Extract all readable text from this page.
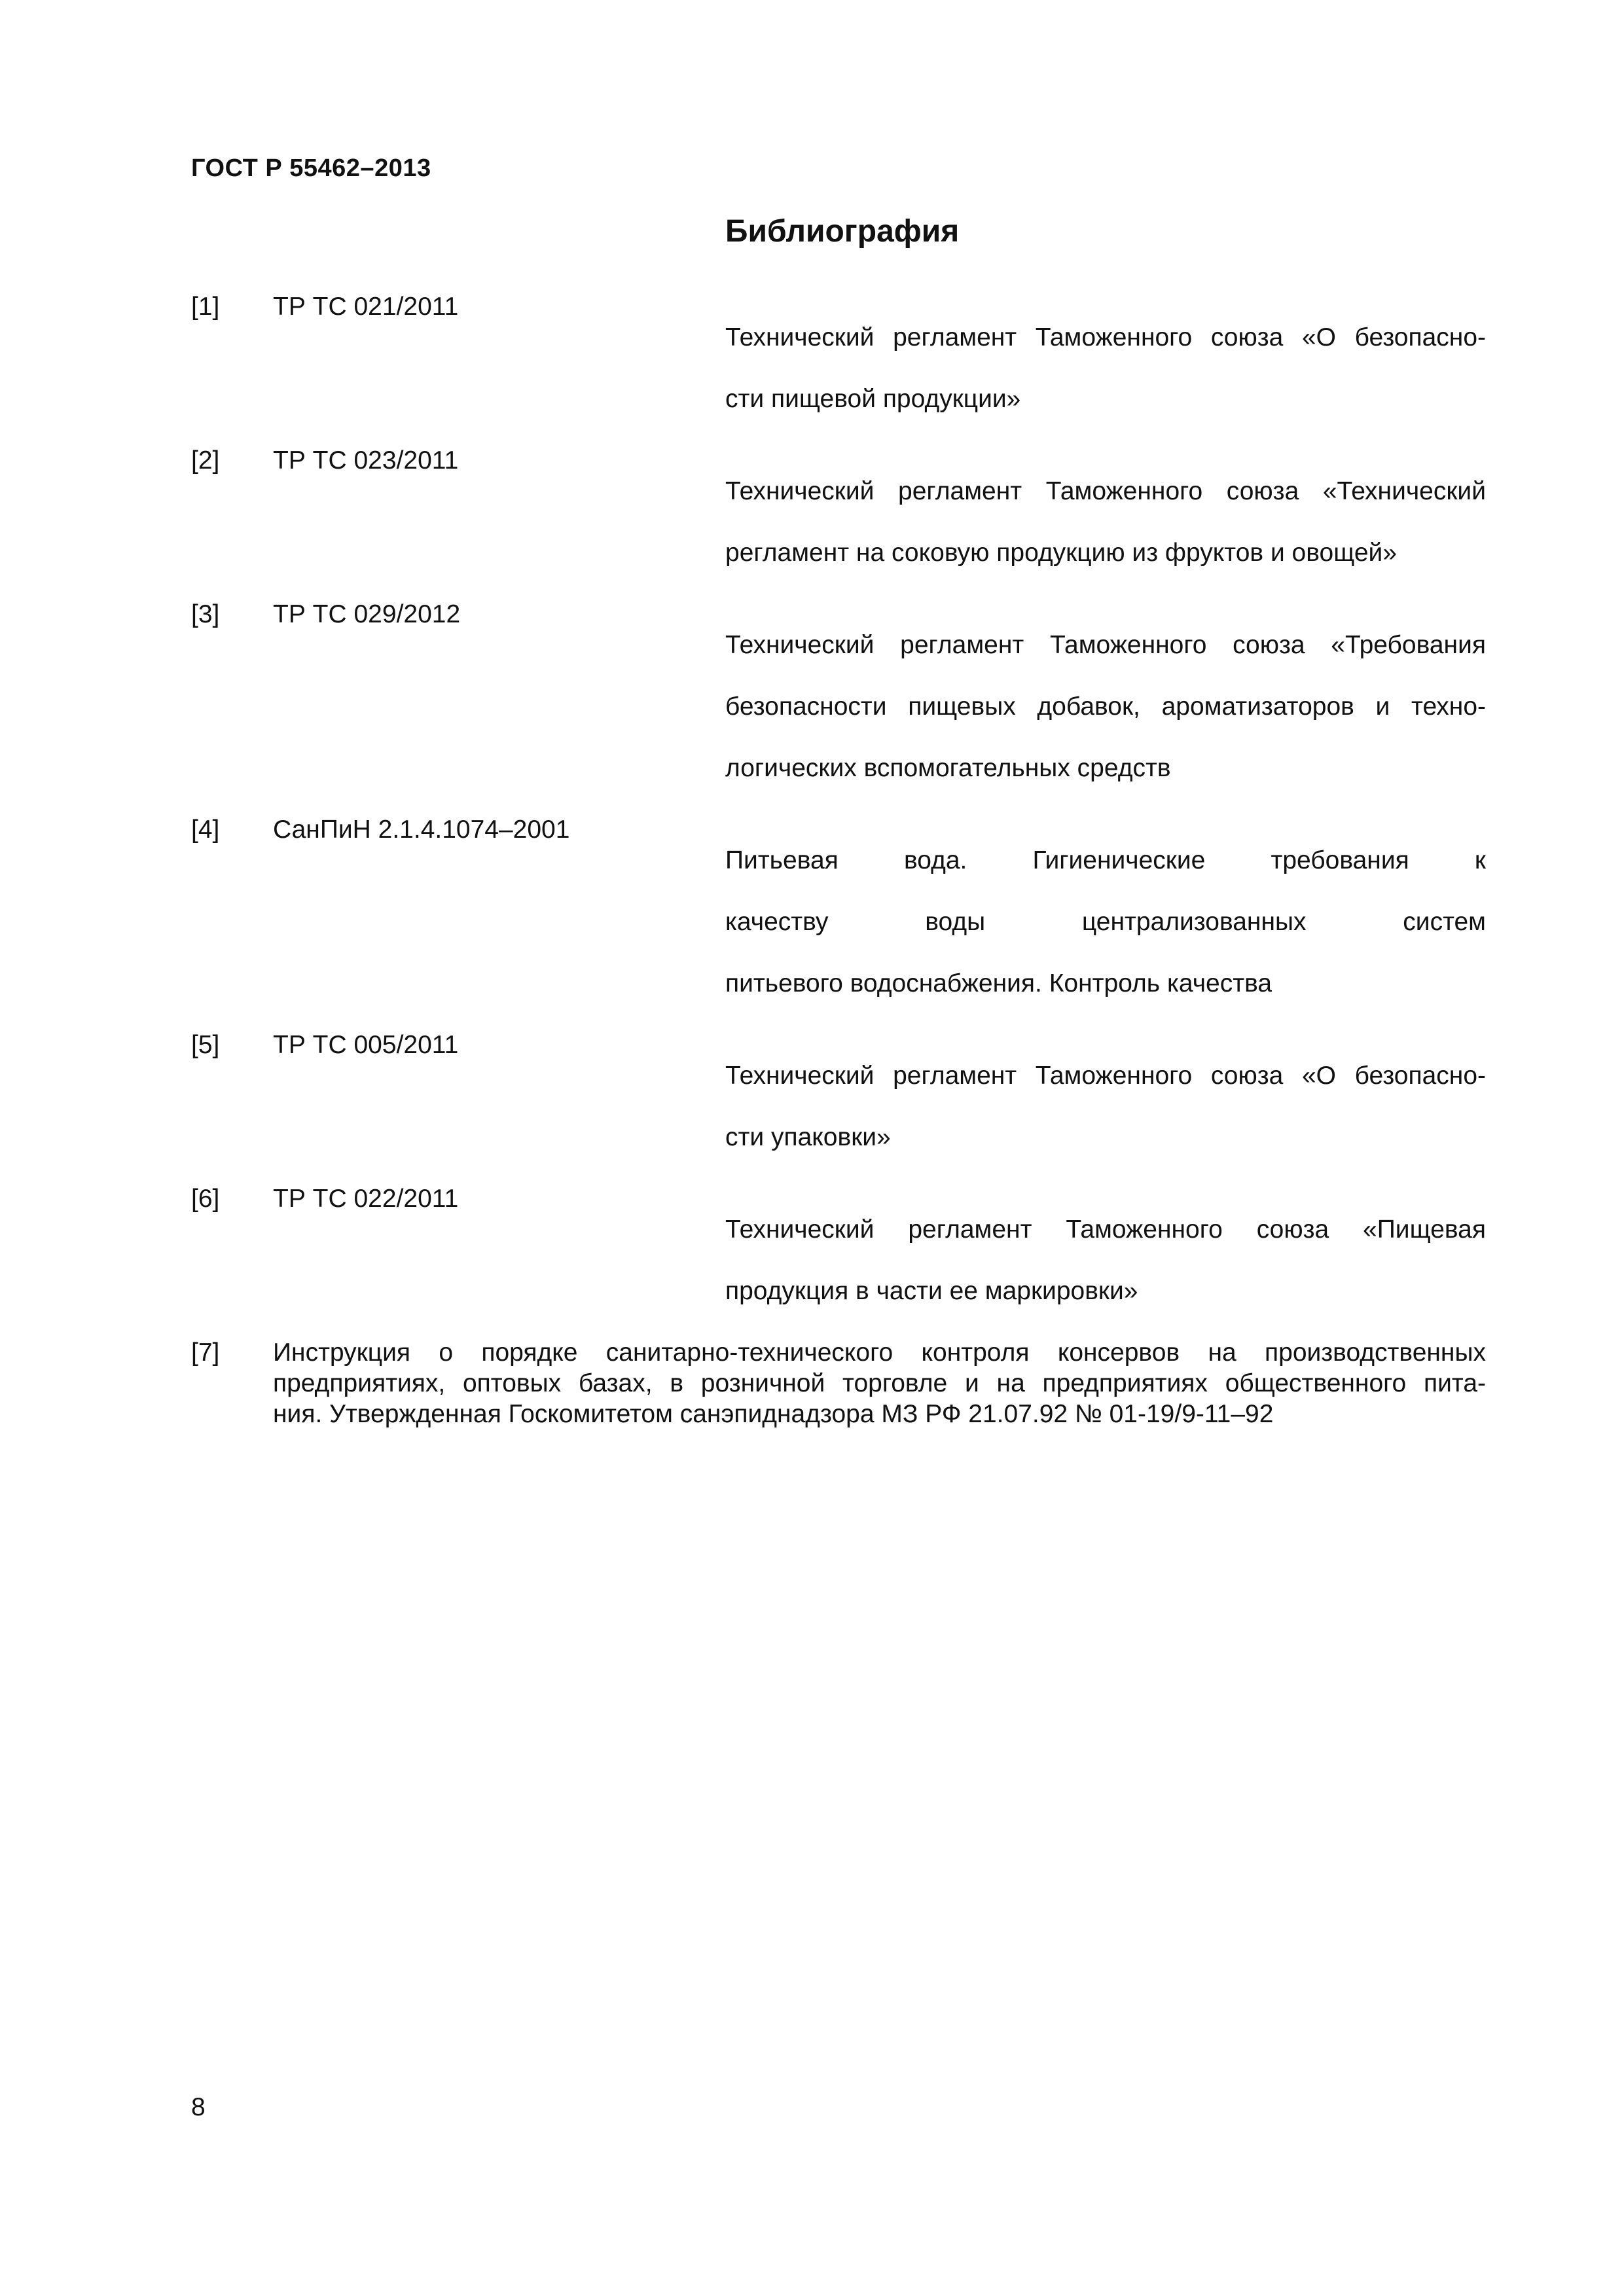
ГОСТ Р 55462–2013
Библиография
[1]	ТР ТС 021/2011

Технический регламент Таможенного союза «О безопасно-

сти пищевой продукции»

[2]	ТР ТС 023/2011

Технический регламент Таможенного союза «Технический

регламент на соковую продукцию из фруктов и овощей»

[3]	ТР ТС 029/2012

Технический регламент Таможенного союза «Требования

безопасности пищевых добавок, ароматизаторов и техно-

логических вспомогательных средств

[4]	СанПиН 2.1.4.1074–2001

Питьевая вода. Гигиенические требования к

качеству воды централизованных систем

питьевого водоснабжения. Контроль качества

[5]	ТР ТС 005/2011

Технический регламент Таможенного союза «О безопасно-

сти упаковки»

[6]	ТР ТС 022/2011

Технический регламент Таможенного союза «Пищевая

продукция в части ее маркировки»

[7]	Инструкция о порядке санитарно-технического контроля консервов на производственных
предприятиях, оптовых базах, в розничной торговле и на предприятиях общественного пита-
ния. Утвержденная Госкомитетом санэпиднадзора МЗ РФ 21.07.92 № 01-19/9-11–92
8
